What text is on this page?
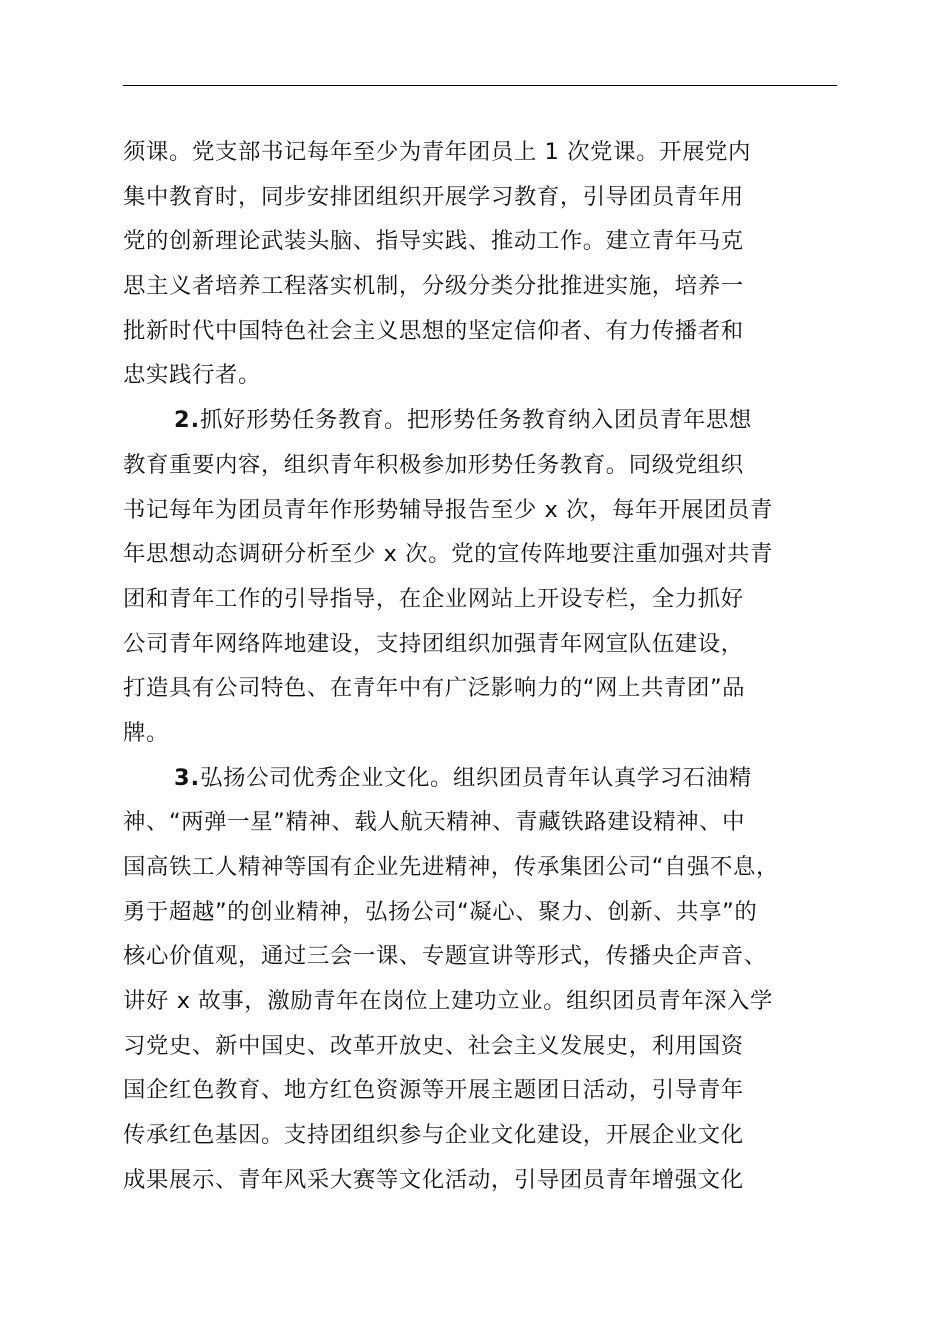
须课。党支部书记每年至少为青年团员上 1 次党课。开展党内
集中教育时，同步安排团组织开展学习教育，引导团员青年用
党的创新理论武装头脑、指导实践、推动工作。建立青年马克
思主义者培养工程落实机制，分级分类分批推进实施，培养一
批新时代中国特色社会主义思想的坚定信仰者、有力传播者和
忠实践行者。
2.抓好形势任务教育。把形势任务教育纳入团员青年思想
教育重要内容，组织青年积极参加形势任务教育。同级党组织
书记每年为团员青年作形势辅导报告至少 x 次，每年开展团员青
年思想动态调研分析至少 x 次。党的宣传阵地要注重加强对共青
团和青年工作的引导指导，在企业网站上开设专栏，全力抓好
公司青年网络阵地建设，支持团组织加强青年网宣队伍建设，
打造具有公司特色、在青年中有广泛影响力的“网上共青团”品
牌。
3.弘扬公司优秀企业文化。组织团员青年认真学习石油精
神、“两弹一星”精神、载人航天精神、青藏铁路建设精神、中
国高铁工人精神等国有企业先进精神，传承集团公司“自强不息，
勇于超越”的创业精神，弘扬公司“凝心、聚力、创新、共享”的
核心价值观，通过三会一课、专题宣讲等形式，传播央企声音、
讲好 x 故事，激励青年在岗位上建功立业。组织团员青年深入学
习党史、新中国史、改革开放史、社会主义发展史，利用国资
国企红色教育、地方红色资源等开展主题团日活动，引导青年
传承红色基因。支持团组织参与企业文化建设，开展企业文化
成果展示、青年风采大赛等文化活动，引导团员青年增强文化
